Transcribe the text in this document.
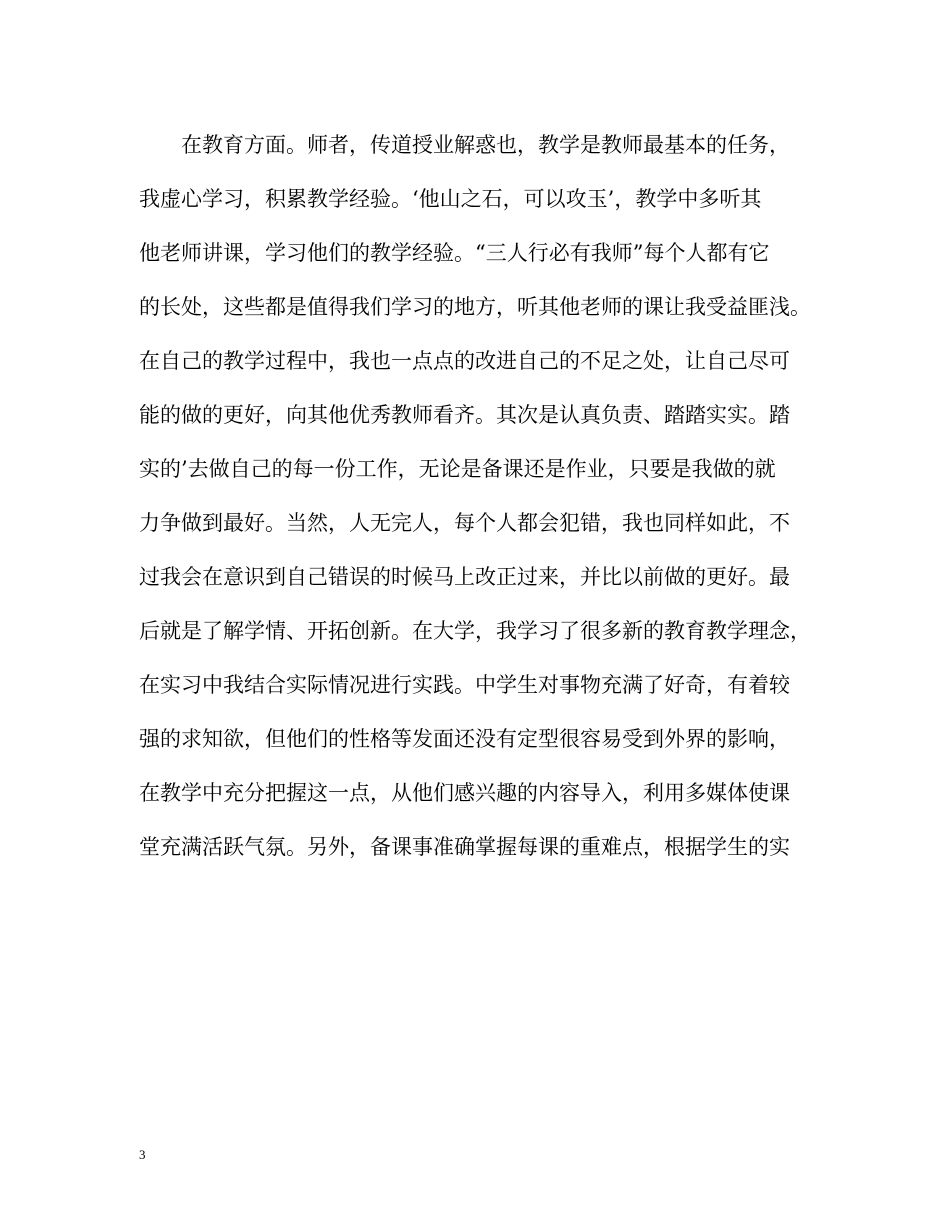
在教育方面。师者，传道授业解惑也，教学是教师最基本的任务，
我虚心学习，积累教学经验。‘他山之石，可以攻玉’，教学中多听其
他老师讲课，学习他们的教学经验。“三人行必有我师”每个人都有它
的长处，这些都是值得我们学习的地方，听其他老师的课让我受益匪浅。
在自己的教学过程中，我也一点点的改进自己的不足之处，让自己尽可
能的做的更好，向其他优秀教师看齐。其次是认真负责、踏踏实实。踏
实的’去做自己的每一份工作，无论是备课还是作业，只要是我做的就
力争做到最好。当然，人无完人，每个人都会犯错，我也同样如此，不
过我会在意识到自己错误的时候马上改正过来，并比以前做的更好。最
后就是了解学情、开拓创新。在大学，我学习了很多新的教育教学理念，
在实习中我结合实际情况进行实践。中学生对事物充满了好奇，有着较
强的求知欲，但他们的性格等发面还没有定型很容易受到外界的影响，
在教学中充分把握这一点，从他们感兴趣的内容导入，利用多媒体使课
堂充满活跃气氛。另外，备课事准确掌握每课的重难点，根据学生的实
3
